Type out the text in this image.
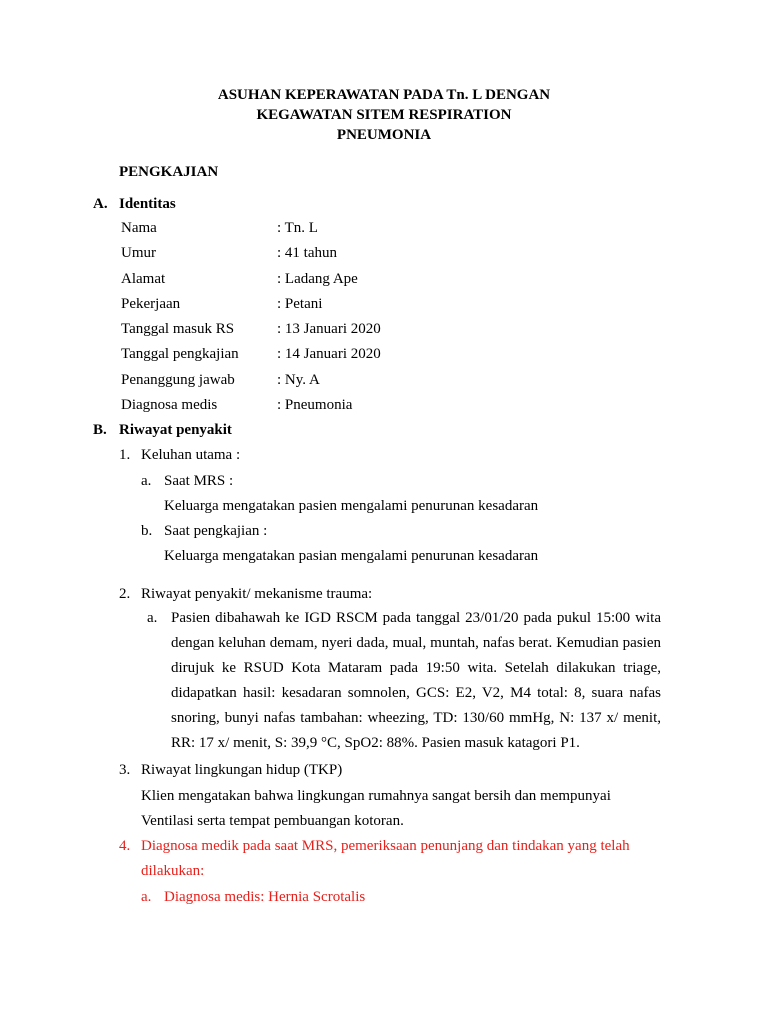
ASUHAN KEPERAWATAN PADA Tn. L DENGAN
KEGAWATAN SITEM RESPIRATION
PNEUMONIA
PENGKAJIAN
A. Identitas
Nama	: Tn. L
Umur	: 41 tahun
Alamat	: Ladang Ape
Pekerjaan	: Petani
Tanggal masuk RS	: 13 Januari 2020
Tanggal pengkajian	: 14 Januari 2020
Penanggung jawab	: Ny. A
Diagnosa medis	: Pneumonia
B. Riwayat penyakit
1. Keluhan utama :
a. Saat MRS :
Keluarga mengatakan pasien mengalami penurunan kesadaran
b. Saat pengkajian :
Keluarga mengatakan pasian mengalami penurunan kesadaran
2. Riwayat penyakit/ mekanisme trauma:
a. Pasien dibahawah ke IGD RSCM pada tanggal 23/01/20 pada pukul 15:00 wita dengan keluhan demam, nyeri dada, mual, muntah, nafas berat. Kemudian pasien dirujuk ke RSUD Kota Mataram pada 19:50 wita. Setelah dilakukan triage, didapatkan hasil: kesadaran somnolen, GCS: E2, V2, M4 total: 8, suara nafas snoring, bunyi nafas tambahan: wheezing, TD: 130/60 mmHg, N: 137 x/ menit, RR: 17 x/ menit, S: 39,9 °C, SpO2: 88%. Pasien masuk katagori P1.
3. Riwayat lingkungan hidup (TKP)
Klien mengatakan bahwa lingkungan rumahnya sangat bersih dan mempunyai
Ventilasi serta tempat pembuangan kotoran.
4. Diagnosa medik pada saat MRS, pemeriksaan penunjang dan tindakan yang telah
dilakukan:
a. Diagnosa medis: Hernia Scrotalis
